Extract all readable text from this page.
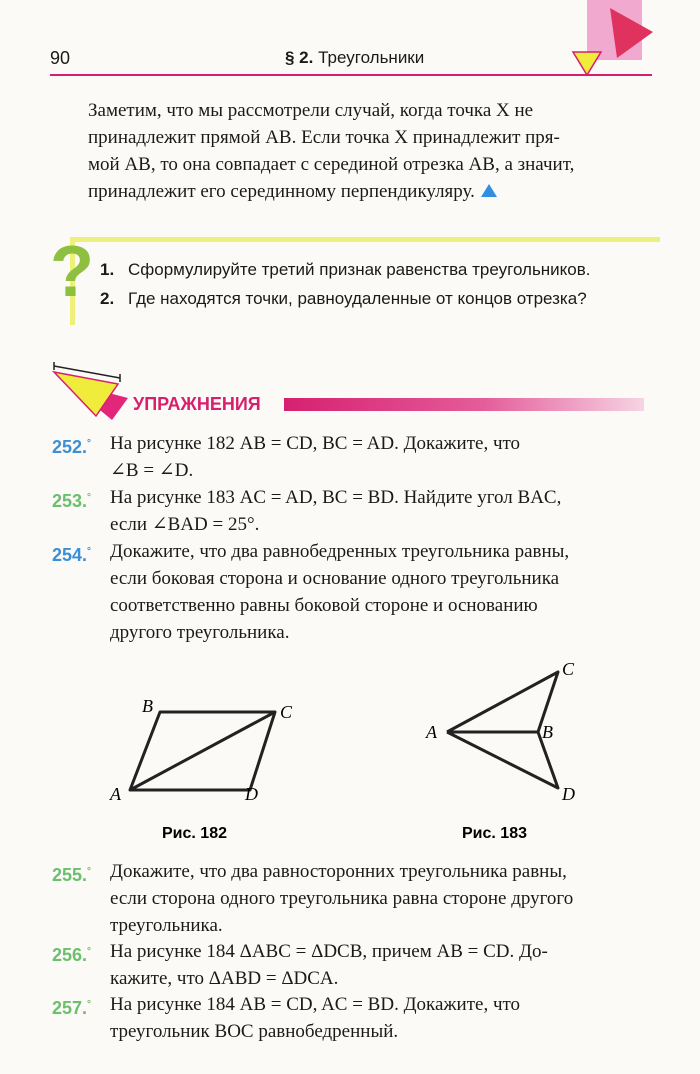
90	§ 2. Треугольники
Заметим, что мы рассмотрели случай, когда точка X не
принадлежит прямой AB. Если точка X принадлежит пря-
мой AB, то она совпадает с серединой отрезка AB, а значит,
принадлежит его серединному перпендикуляру.
? 1. Сформулируйте третий признак равенства треугольников.
2. Где находятся точки, равноудаленные от концов отрезка?
УПРАЖНЕНИЯ
252.° На рисунке 182 AB = CD, BC = AD. Докажите, что
∠B = ∠D.
253.° На рисунке 183 AC = AD, BC = BD. Найдите угол BAC,
если ∠BAD = 25°.
254.° Докажите, что два равнобедренных треугольника равны,
если боковая сторона и основание одного треугольника
соответственно равны боковой стороне и основанию
другого треугольника.
B	C
A	D
Рис. 182
C
A	B
D
Рис. 183
255.° Докажите, что два равносторонних треугольника равны,
если сторона одного треугольника равна стороне другого
треугольника.
256.° На рисунке 184 ΔABC = ΔDCB, причем AB = CD. До-
кажите, что ΔABD = ΔDCA.
257.° На рисунке 184 AB = CD, AC = BD. Докажите, что
треугольник BOC равнобедренный.
